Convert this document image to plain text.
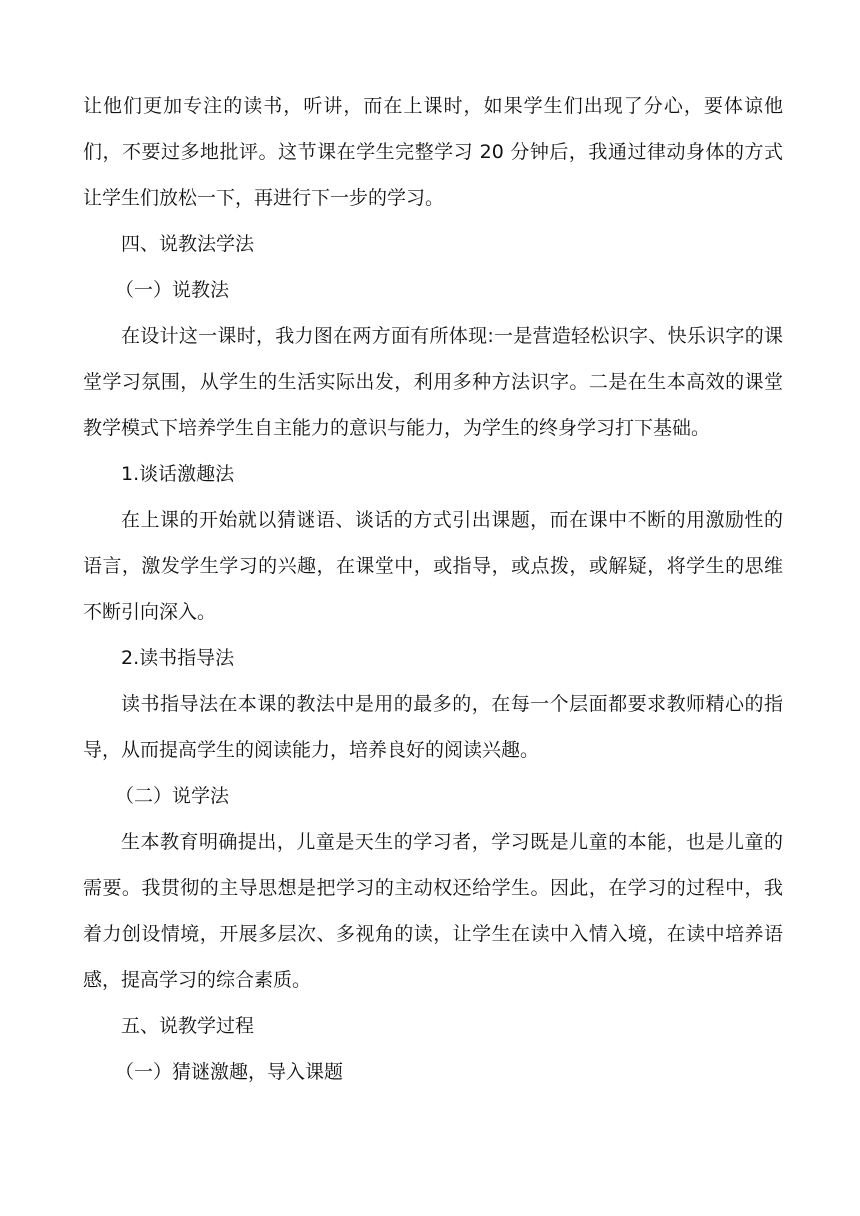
让他们更加专注的读书，听讲，而在上课时，如果学生们出现了分心，要体谅他们，不要过多地批评。这节课在学生完整学习 20 分钟后，我通过律动身体的方式让学生们放松一下，再进行下一步的学习。

四、说教法学法

（一）说教法

在设计这一课时，我力图在两方面有所体现:一是营造轻松识字、快乐识字的课堂学习氛围，从学生的生活实际出发，利用多种方法识字。二是在生本高效的课堂教学模式下培养学生自主能力的意识与能力，为学生的终身学习打下基础。

1.谈话激趣法

在上课的开始就以猜谜语、谈话的方式引出课题，而在课中不断的用激励性的语言，激发学生学习的兴趣，在课堂中，或指导，或点拨，或解疑，将学生的思维不断引向深入。

2.读书指导法

读书指导法在本课的教法中是用的最多的，在每一个层面都要求教师精心的指导，从而提高学生的阅读能力，培养良好的阅读兴趣。

（二）说学法

生本教育明确提出，儿童是天生的学习者，学习既是儿童的本能，也是儿童的需要。我贯彻的主导思想是把学习的主动权还给学生。因此，在学习的过程中，我着力创设情境，开展多层次、多视角的读，让学生在读中入情入境，在读中培养语感，提高学习的综合素质。

五、说教学过程

（一）猜谜激趣，导入课题
